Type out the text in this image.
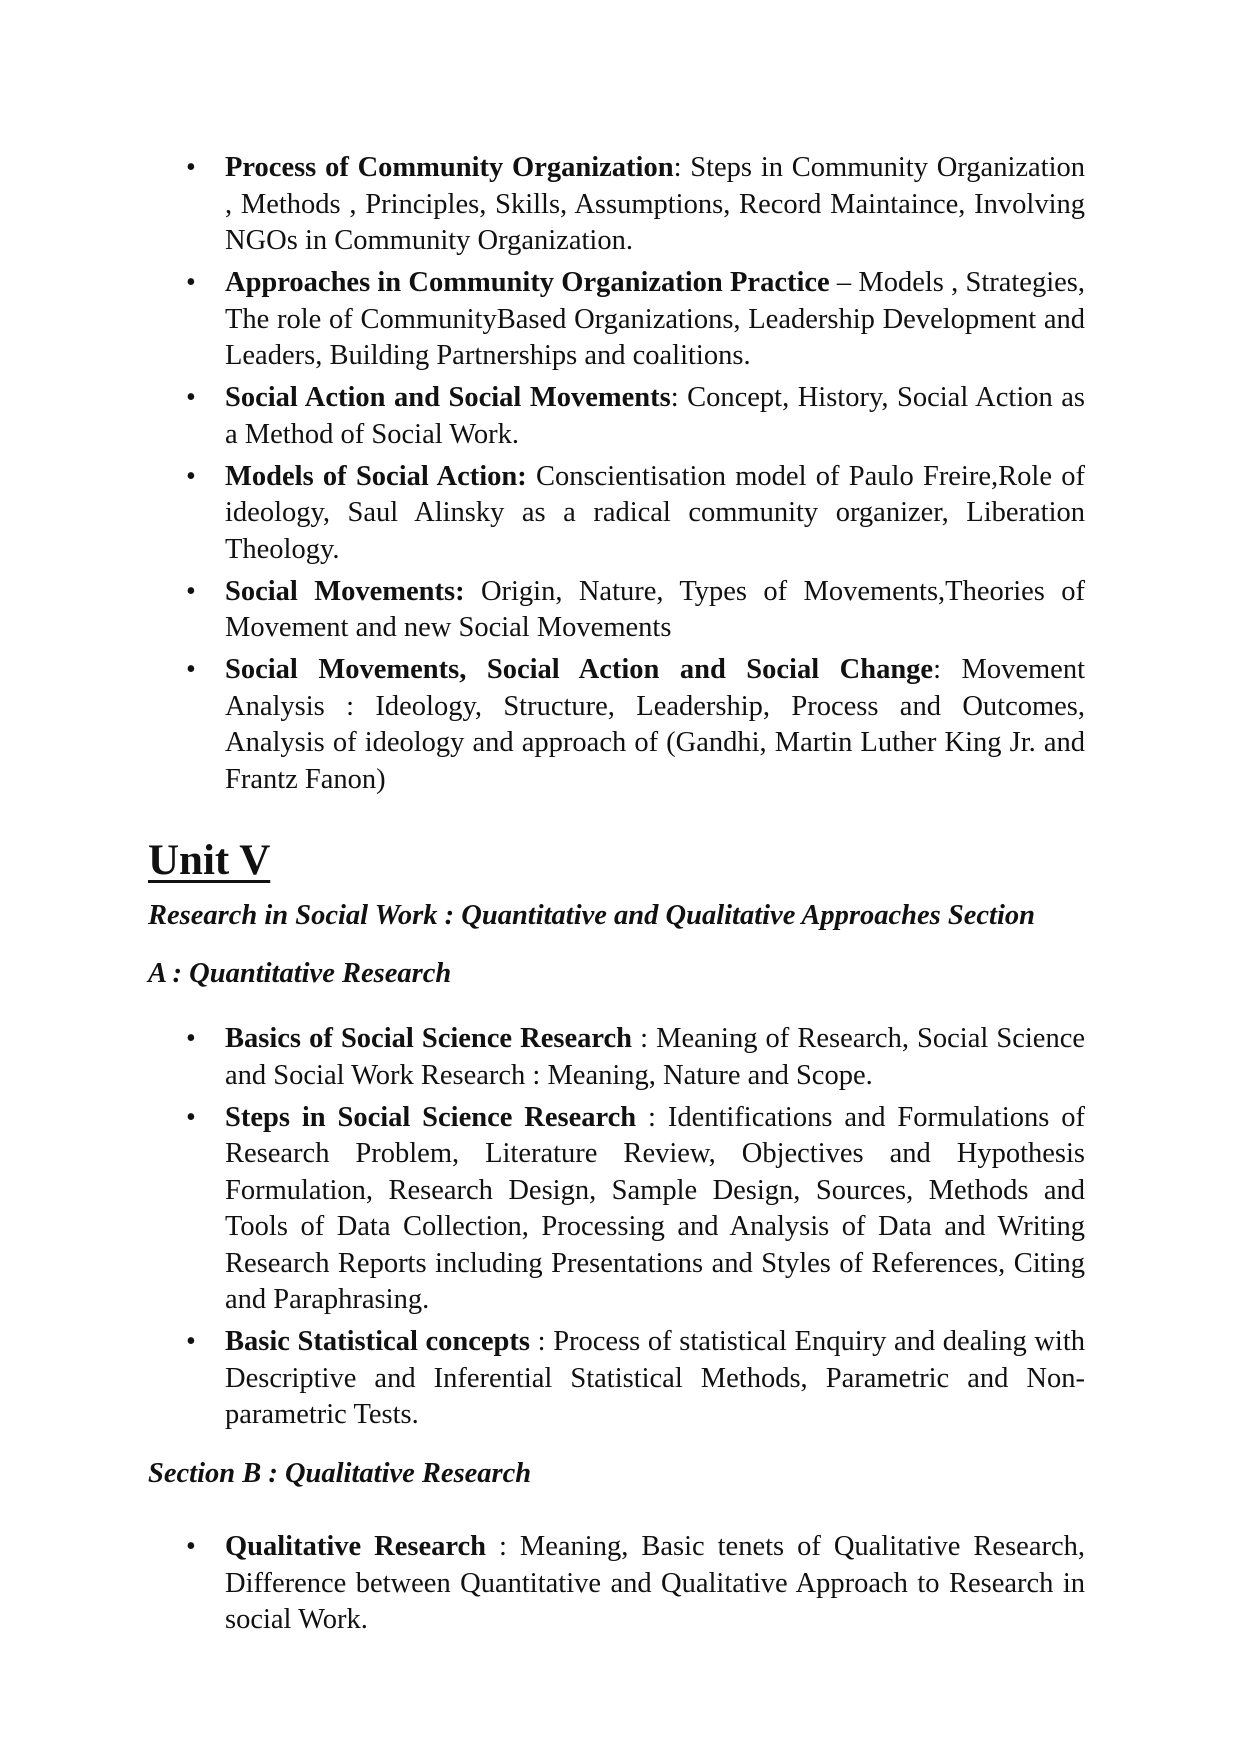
• Process of Community Organization: Steps in Community Organization , Methods , Principles, Skills, Assumptions, Record Maintaince, Involving NGOs in Community Organization.
• Approaches in Community Organization Practice – Models , Strategies, The role of CommunityBased Organizations, Leadership Development and Leaders, Building Partnerships and coalitions.
• Social Action and Social Movements: Concept, History, Social Action as a Method of Social Work.
• Models of Social Action: Conscientisation model of Paulo Freire,Role of ideology, Saul Alinsky as a radical community organizer, Liberation Theology.
• Social Movements: Origin, Nature, Types of Movements,Theories of Movement and new Social Movements
• Social Movements, Social Action and Social Change: Movement Analysis : Ideology, Structure, Leadership, Process and Outcomes, Analysis of ideology and approach of (Gandhi, Martin Luther King Jr. and Frantz Fanon)
Unit V
Research in Social Work : Quantitative and Qualitative Approaches Section
A : Quantitative Research
• Basics of Social Science Research : Meaning of Research, Social Science and Social Work Research : Meaning, Nature and Scope.
• Steps in Social Science Research : Identifications and Formulations of Research Problem, Literature Review, Objectives and Hypothesis Formulation, Research Design, Sample Design, Sources, Methods and Tools of Data Collection, Processing and Analysis of Data and Writing Research Reports including Presentations and Styles of References, Citing and Paraphrasing.
• Basic Statistical concepts : Process of statistical Enquiry and dealing with Descriptive and Inferential Statistical Methods, Parametric and Non-parametric Tests.
Section B : Qualitative Research
• Qualitative Research : Meaning, Basic tenets of Qualitative Research, Difference between Quantitative and Qualitative Approach to Research in social Work.
